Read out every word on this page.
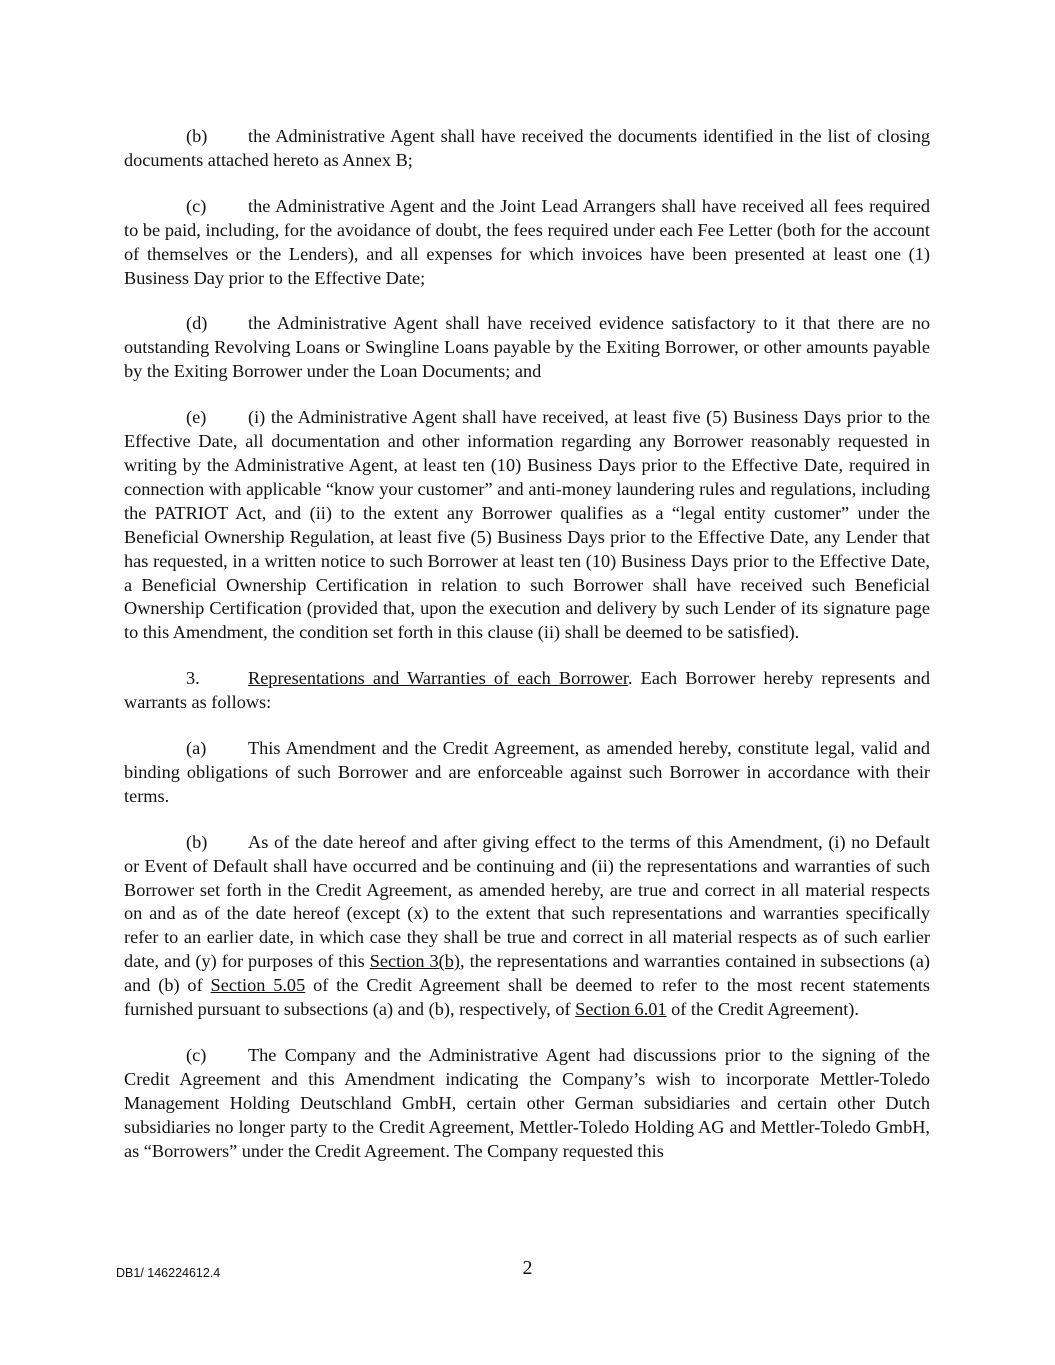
(b) the Administrative Agent shall have received the documents identified in the list of closing documents attached hereto as Annex B;

(c) the Administrative Agent and the Joint Lead Arrangers shall have received all fees required to be paid, including, for the avoidance of doubt, the fees required under each Fee Letter (both for the account of themselves or the Lenders), and all expenses for which invoices have been presented at least one (1) Business Day prior to the Effective Date;

(d) the Administrative Agent shall have received evidence satisfactory to it that there are no outstanding Revolving Loans or Swingline Loans payable by the Exiting Borrower, or other amounts payable by the Exiting Borrower under the Loan Documents; and

(e) (i) the Administrative Agent shall have received, at least five (5) Business Days prior to the Effective Date, all documentation and other information regarding any Borrower reasonably requested in writing by the Administrative Agent, at least ten (10) Business Days prior to the Effective Date, required in connection with applicable “know your customer” and anti-money laundering rules and regulations, including the PATRIOT Act, and (ii) to the extent any Borrower qualifies as a “legal entity customer” under the Beneficial Ownership Regulation, at least five (5) Business Days prior to the Effective Date, any Lender that has requested, in a written notice to such Borrower at least ten (10) Business Days prior to the Effective Date, a Beneficial Ownership Certification in relation to such Borrower shall have received such Beneficial Ownership Certification (provided that, upon the execution and delivery by such Lender of its signature page to this Amendment, the condition set forth in this clause (ii) shall be deemed to be satisfied).

3.	Representations and Warranties of each Borrower. Each Borrower hereby represents and warrants as follows:

(a) This Amendment and the Credit Agreement, as amended hereby, constitute legal, valid and binding obligations of such Borrower and are enforceable against such Borrower in accordance with their terms.

(b) As of the date hereof and after giving effect to the terms of this Amendment, (i) no Default or Event of Default shall have occurred and be continuing and (ii) the representations and warranties of such Borrower set forth in the Credit Agreement, as amended hereby, are true and correct in all material respects on and as of the date hereof (except (x) to the extent that such representations and warranties specifically refer to an earlier date, in which case they shall be true and correct in all material respects as of such earlier date, and (y) for purposes of this Section 3(b), the representations and warranties contained in subsections (a) and (b) of Section 5.05 of the Credit Agreement shall be deemed to refer to the most recent statements furnished pursuant to subsections (a) and (b), respectively, of Section 6.01 of the Credit Agreement).

(c) The Company and the Administrative Agent had discussions prior to the signing of the Credit Agreement and this Amendment indicating the Company’s wish to incorporate Mettler-Toledo Management Holding Deutschland GmbH, certain other German subsidiaries and certain other Dutch subsidiaries no longer party to the Credit Agreement, Mettler-Toledo Holding AG and Mettler-Toledo GmbH, as “Borrowers” under the Credit Agreement. The Company requested this

2
DB1/ 146224612.4
